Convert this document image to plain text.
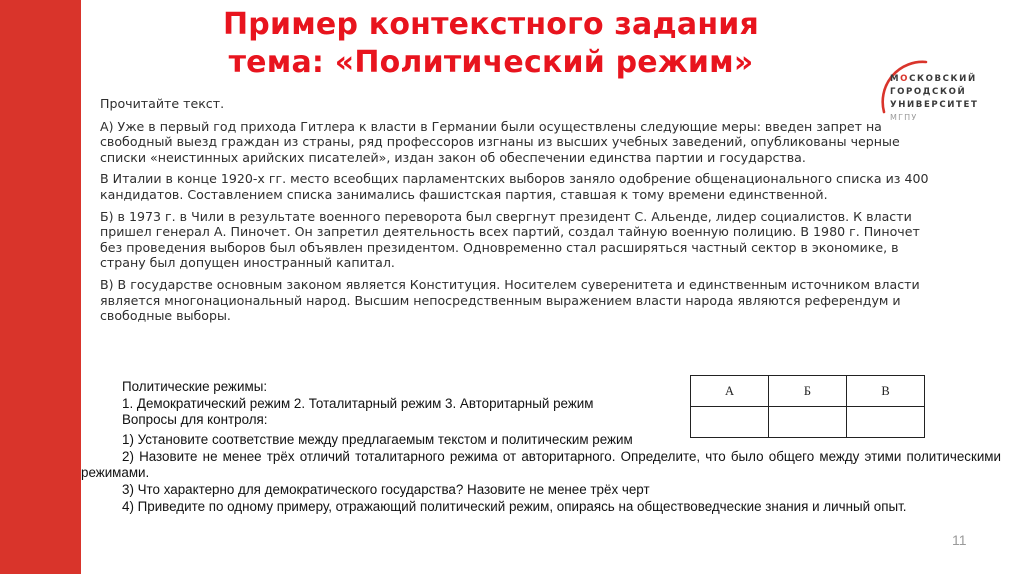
Пример контекстного задания
тема: «Политический режим»	МОСКОВСКИЙ
ГОРОДСКОЙ
УНИВЕРСИТЕТ
МГПУ

Прочитайте текст.

А) Уже в первый год прихода Гитлера к власти в Германии были осуществлены следующие меры: введен запрет на свободный выезд граждан из страны, ряд профессоров изгнаны из высших учебных заведений, опубликованы черные списки «неистинных арийских писателей», издан закон об обеспечении единства партии и государства.

В Италии в конце 1920-х гг. место всеобщих парламентских выборов заняло одобрение общенационального списка из 400 кандидатов. Составлением списка занимались фашистская партия, ставшая к тому времени единственной.

Б) в 1973 г. в Чили в результате военного переворота был свергнут президент С. Альенде, лидер социалистов. К власти пришел генерал А. Пиночет. Он запретил деятельность всех партий, создал тайную военную полицию. В 1980 г. Пиночет без проведения выборов был объявлен президентом. Одновременно стал расширяться частный сектор в экономике, в страну был допущен иностранный капитал.

В) В государстве основным законом является Конституция. Носителем суверенитета и единственным источником власти является многонациональный народ. Высшим непосредственным выражением власти народа являются референдум и свободные выборы.

Политические режимы:
1. Демократический режим 2. Тоталитарный режим 3. Авторитарный режим
Вопросы для контроля:
А	Б	В

1) Установите соответствие между предлагаемым текстом и политическим режим
2) Назовите не менее трёх отличий тоталитарного режима от авторитарного. Определите, что было общего между этими политическими режимами.
3) Что характерно для демократического государства? Назовите не менее трёх черт
4) Приведите по одному примеру, отражающий политический режим, опираясь на обществоведческие знания и личный опыт.
11
